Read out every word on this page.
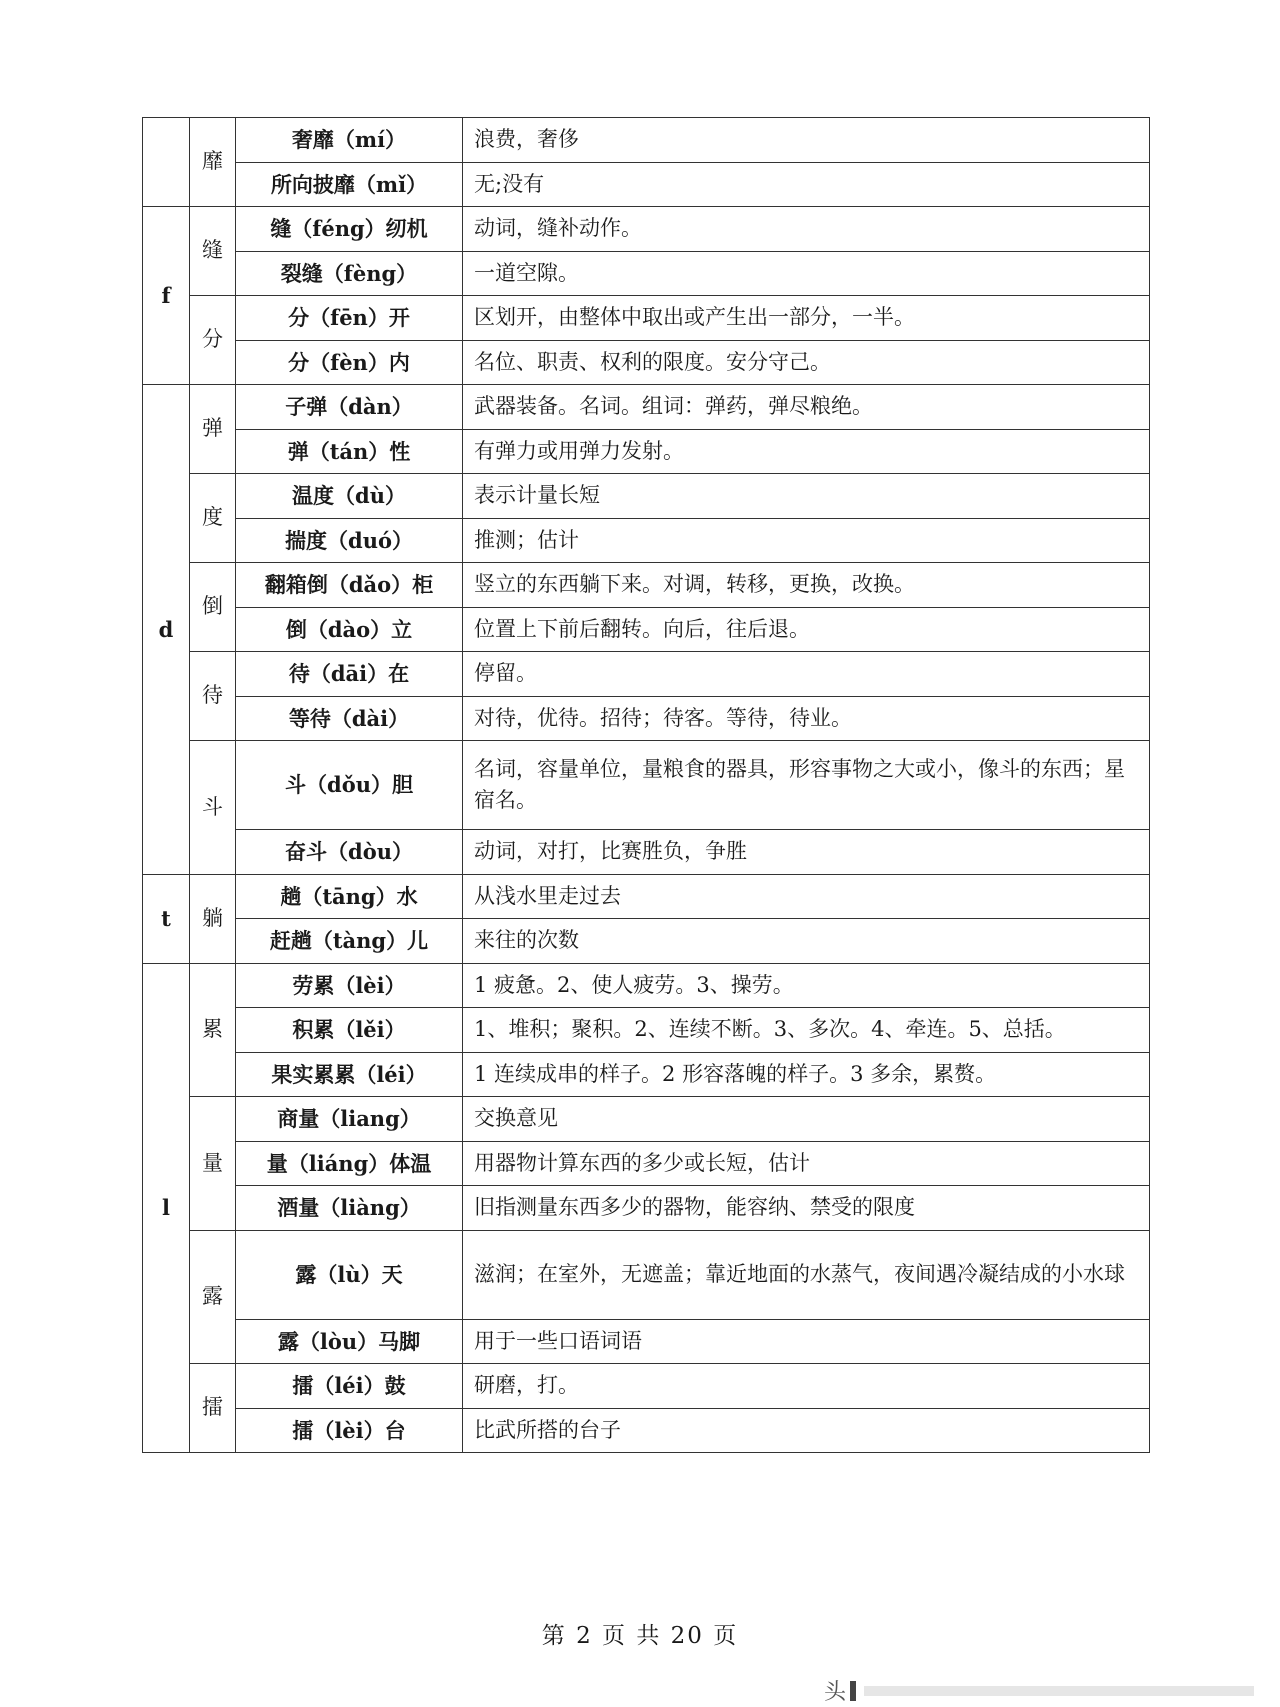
	靡	奢靡（mí）	浪费，奢侈
		所向披靡（mǐ）	无;没有
f	缝	缝（féng）纫机	动词，缝补动作。
		裂缝（fèng）	一道空隙。
	分	分（fēn）开	区划开，由整体中取出或产生出一部分，一半。
		分（fèn）内	名位、职责、权利的限度。安分守己。
d	弹	子弹（dàn）	武器装备。名词。组词：弹药，弹尽粮绝。
		弹（tán）性	有弹力或用弹力发射。
	度	温度（dù）	表示计量长短
		揣度（duó）	推测；估计
	倒	翻箱倒（dǎo）柜	竖立的东西躺下来。对调，转移，更换，改换。
		倒（dào）立	位置上下前后翻转。向后，往后退。
	待	待（dāi）在	停留。
		等待（dài）	对待，优待。招待；待客。等待，待业。
	斗	斗（dǒu）胆	名词，容量单位，量粮食的器具，形容事物之大或小，像斗的东西；星宿名。
		奋斗（dòu）	动词，对打，比赛胜负，争胜
t	躺	趟（tāng）水	从浅水里走过去
		赶趟（tàng）儿	来往的次数
l	累	劳累（lèi）	1 疲惫。2、使人疲劳。3、操劳。
		积累（lěi）	1、堆积；聚积。2、连续不断。3、多次。4、牵连。5、总括。
		果实累累（léi）	1 连续成串的样子。2 形容落魄的样子。3 多余，累赘。
	量	商量（liang）	交换意见
		量（liáng）体温	用器物计算东西的多少或长短，估计
		酒量（liàng）	旧指测量东西多少的器物，能容纳、禁受的限度
	露	露（lù）天	滋润；在室外，无遮盖；靠近地面的水蒸气，夜间遇冷凝结成的小水球
		露（lòu）马脚	用于一些口语词语
	擂	擂（léi）鼓	研磨，打。
		擂（lèi）台	比武所搭的台子
第 2 页 共 20 页
头
